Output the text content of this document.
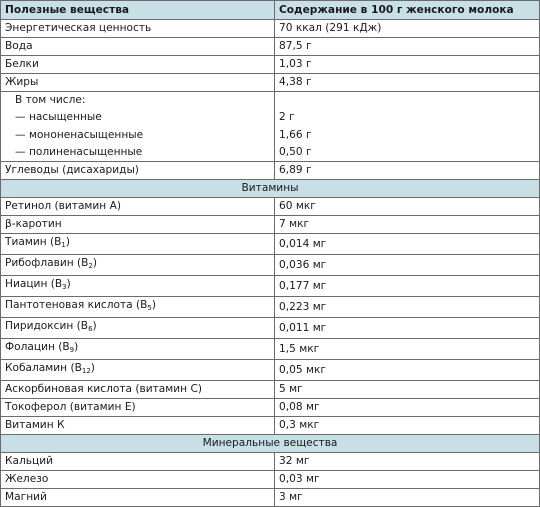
Полезные вещества	Содержание в 100 г женского молока
Энергетическая ценность	70 ккал (291 кДж)
Вода	87,5 г
Белки	1,03 г
Жиры	4,38 г
В том числе:	
— насыщенные	2 г
— мононенасыщенные	1,66 г
— полиненасыщенные	0,50 г
Углеводы (дисахариды)	6,89 г
Витамины	
Ретинол (витамин А)	60 мкг
β-каротин	7 мкг
Тиамин (В1)	0,014 мг
Рибофлавин (В2)	0,036 мг
Ниацин (В3)	0,177 мг
Пантотеновая кислота (В5)	0,223 мг
Пиридоксин (В6)	0,011 мг
Фолацин (В9)	1,5 мкг
Кобаламин (В12)	0,05 мкг
Аскорбиновая кислота (витамин С)	5 мг
Токоферол (витамин Е)	0,08 мг
Витамин К	0,3 мкг
Минеральные вещества	
Кальций	32 мг
Железо	0,03 мг
Магний	3 мг
